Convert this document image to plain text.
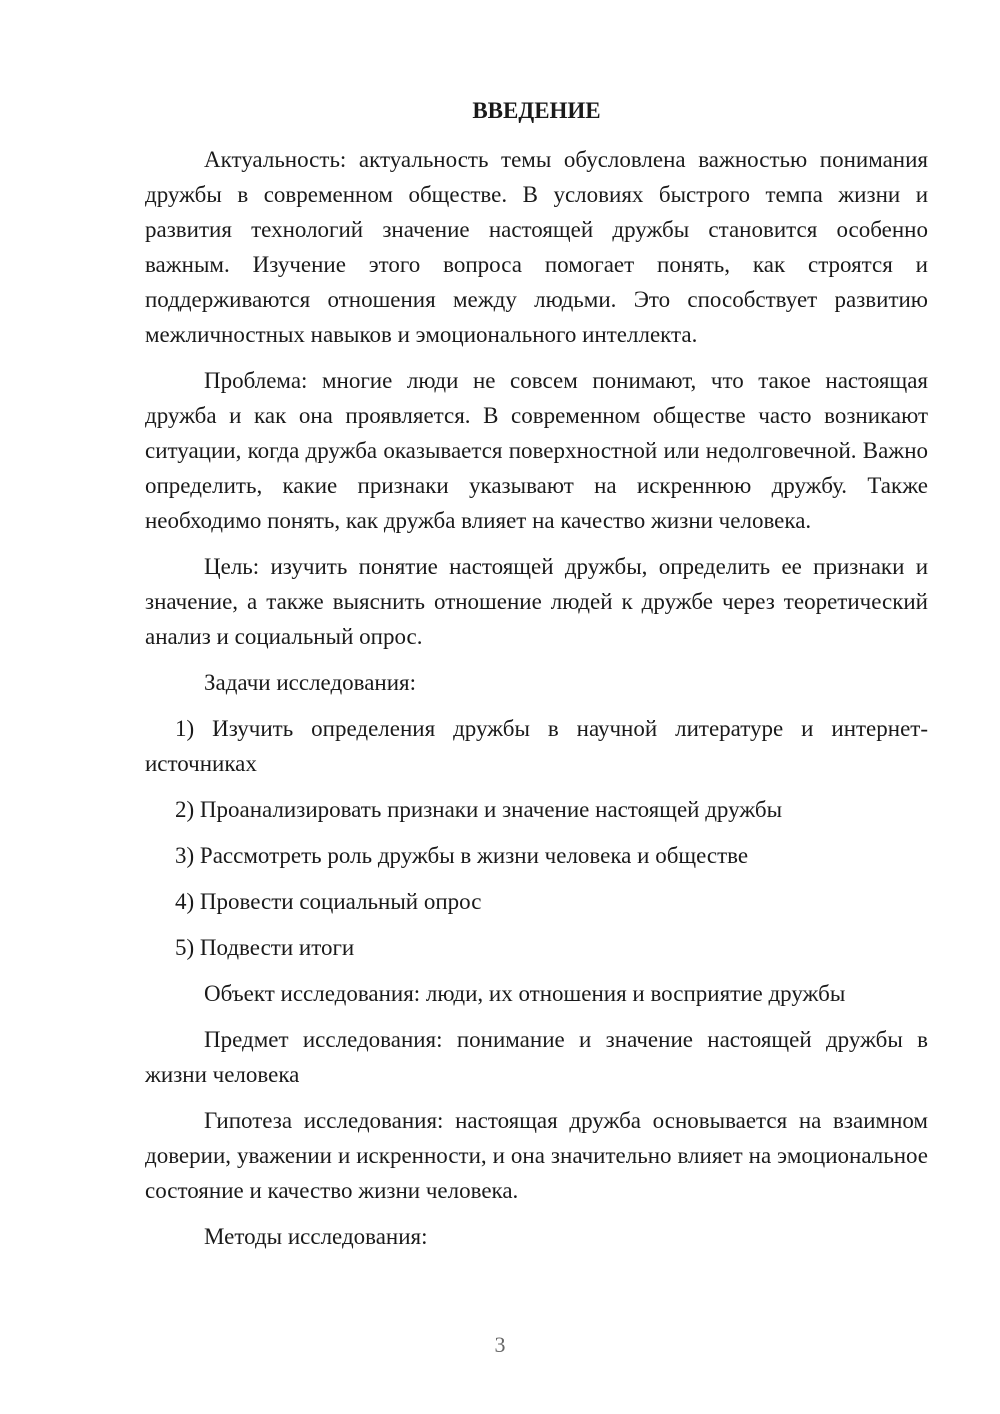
ВВЕДЕНИЕ

Актуальность: актуальность темы обусловлена важностью понимания дружбы в современном обществе. В условиях быстрого темпа жизни и развития технологий значение настоящей дружбы становится особенно важным. Изучение этого вопроса помогает понять, как строятся и поддерживаются отношения между людьми. Это способствует развитию межличностных навыков и эмоционального интеллекта.

Проблема: многие люди не совсем понимают, что такое настоящая дружба и как она проявляется. В современном обществе часто возникают ситуации, когда дружба оказывается поверхностной или недолговечной. Важно определить, какие признаки указывают на искреннюю дружбу. Также необходимо понять, как дружба влияет на качество жизни человека.

Цель: изучить понятие настоящей дружбы, определить ее признаки и значение, а также выяснить отношение людей к дружбе через теоретический анализ и социальный опрос.

Задачи исследования:

1) Изучить определения дружбы в научной литературе и интернет-источниках

2) Проанализировать признаки и значение настоящей дружбы

3) Рассмотреть роль дружбы в жизни человека и обществе

4) Провести социальный опрос

5) Подвести итоги

Объект исследования: люди, их отношения и восприятие дружбы

Предмет исследования: понимание и значение настоящей дружбы в жизни человека

Гипотеза исследования: настоящая дружба основывается на взаимном доверии, уважении и искренности, и она значительно влияет на эмоциональное состояние и качество жизни человека.

Методы исследования:

3
